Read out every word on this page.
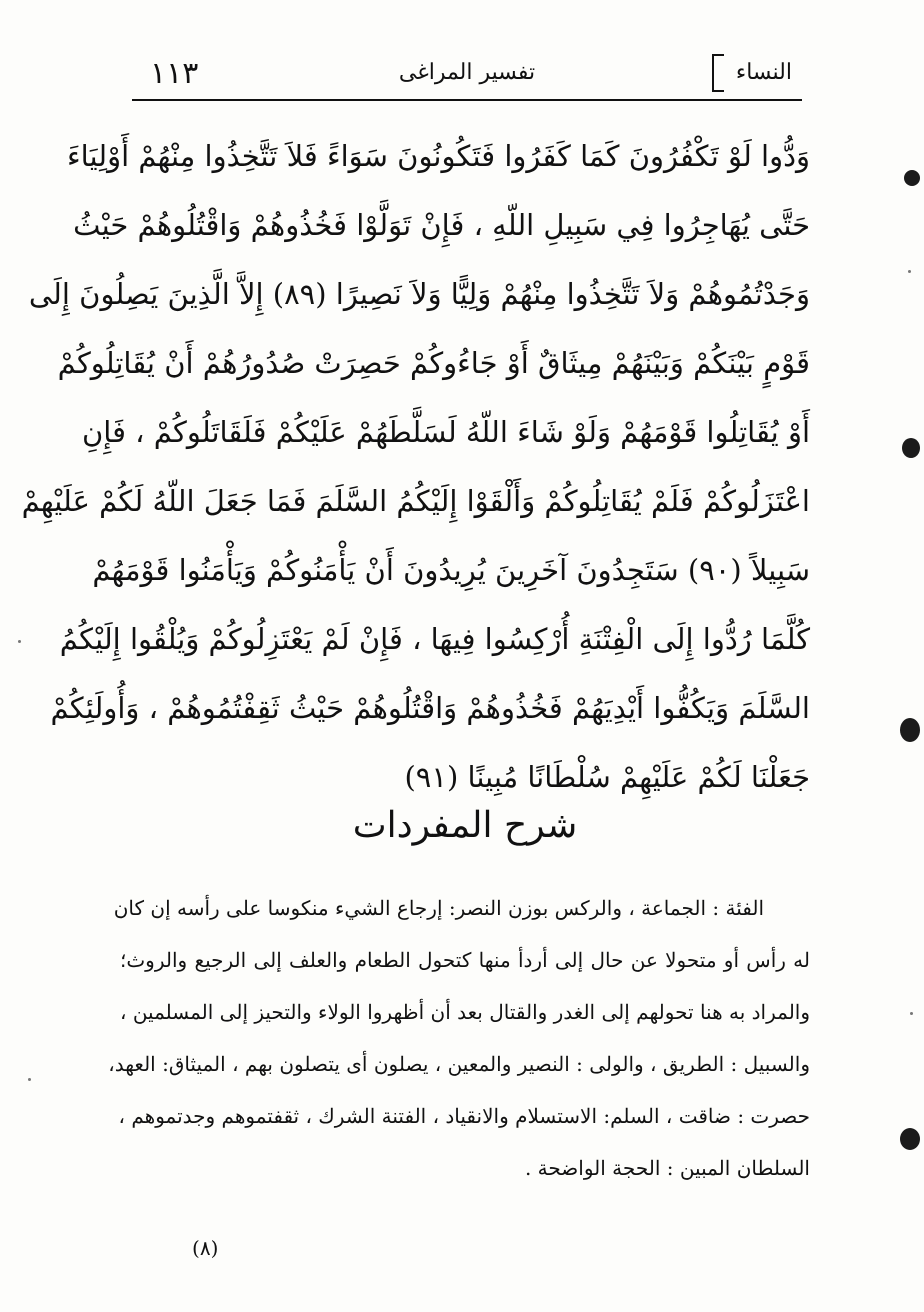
١١٣	تفسير المراغى	النساء
وَدُّوا لَوْ تَكْفُرُونَ كَمَا كَفَرُوا فَتَكُونُونَ سَوَاءً فَلاَ تَتَّخِذُوا مِنْهُمْ أَوْلِيَاءَ
حَتَّى يُهَاجِرُوا فِي سَبِيلِ اللّهِ ، فَإِنْ تَوَلَّوْا فَخُذُوهُمْ وَاقْتُلُوهُمْ حَيْثُ
وَجَدْتُمُوهُمْ وَلاَ تَتَّخِذُوا مِنْهُمْ وَلِيًّا وَلاَ نَصِيرًا (٨٩) إِلاَّ الَّذِينَ يَصِلُونَ إِلَى
قَوْمٍ بَيْنَكُمْ وَبَيْنَهُمْ مِيثَاقٌ أَوْ جَاءُوكُمْ حَصِرَتْ صُدُورُهُمْ أَنْ يُقَاتِلُوكُمْ
أَوْ يُقَاتِلُوا قَوْمَهُمْ وَلَوْ شَاءَ اللّهُ لَسَلَّطَهُمْ عَلَيْكُمْ فَلَقَاتَلُوكُمْ ، فَإِنِ
اعْتَزَلُوكُمْ فَلَمْ يُقَاتِلُوكُمْ وَأَلْقَوْا إِلَيْكُمُ السَّلَمَ فَمَا جَعَلَ اللّهُ لَكُمْ عَلَيْهِمْ
سَبِيلاً (٩٠) سَتَجِدُونَ آخَرِينَ يُرِيدُونَ أَنْ يَأْمَنُوكُمْ وَيَأْمَنُوا قَوْمَهُمْ
كُلَّمَا رُدُّوا إِلَى الْفِتْنَةِ أُرْكِسُوا فِيهَا ، فَإِنْ لَمْ يَعْتَزِلُوكُمْ وَيُلْقُوا إِلَيْكُمُ
السَّلَمَ وَيَكُفُّوا أَيْدِيَهُمْ فَخُذُوهُمْ وَاقْتُلُوهُمْ حَيْثُ ثَقِفْتُمُوهُمْ ، وَأُولَئِكُمْ
جَعَلْنَا لَكُمْ عَلَيْهِمْ سُلْطَانًا مُبِينًا (٩١)
شرح المفردات
الفئة : الجماعة ، والركس بوزن النصر: إرجاع الشيء منكوسا على رأسه إن كان
له رأس أو متحولا عن حال إلى أردأ منها كتحول الطعام والعلف إلى الرجيع والروث؛
والمراد به هنا تحولهم إلى الغدر والقتال بعد أن أظهروا الولاء والتحيز إلى المسلمين ،
والسبيل : الطريق ، والولى : النصير والمعين ، يصلون أى يتصلون بهم ، الميثاق: العهد،
حصرت : ضاقت ، السلم: الاستسلام والانقياد ، الفتنة الشرك ، ثقفتموهم وجدتموهم ،
السلطان المبين : الحجة الواضحة .
(٨)
